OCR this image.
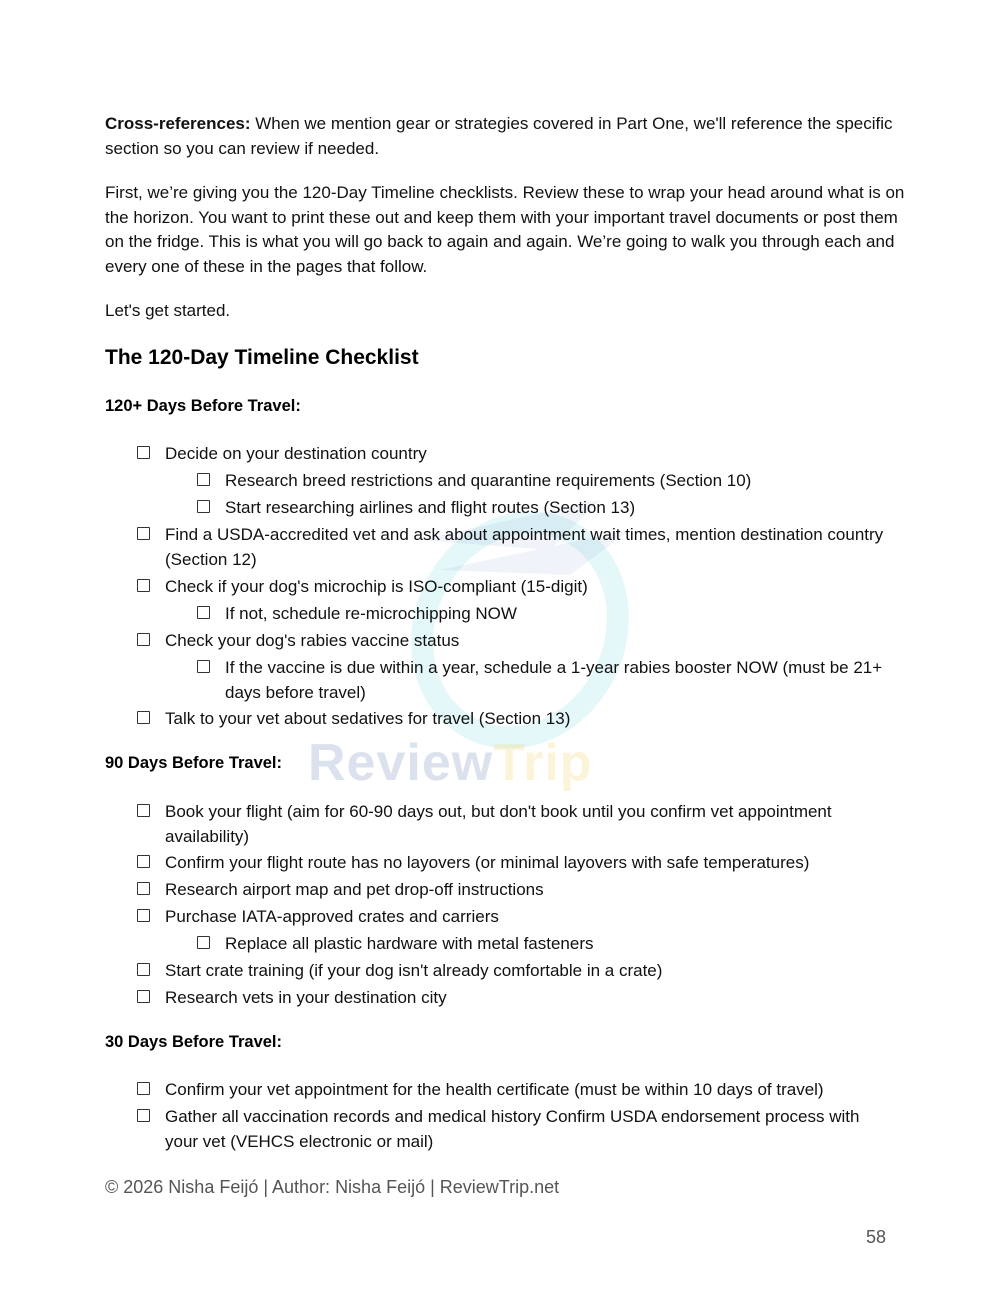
ReviewTrip
Cross-references: When we mention gear or strategies covered in Part One, we'll reference the specific section so you can review if needed.
First, we’re giving you the 120-Day Timeline checklists. Review these to wrap your head around what is on the horizon. You want to print these out and keep them with your important travel documents or post them on the fridge. This is what you will go back to again and again. We’re going to walk you through each and every one of these in the pages that follow.
Let's get started.
The 120-Day Timeline Checklist
120+ Days Before Travel:
Decide on your destination country
Research breed restrictions and quarantine requirements (Section 10)
Start researching airlines and flight routes (Section 13)
Find a USDA-accredited vet and ask about appointment wait times, mention destination country (Section 12)
Check if your dog's microchip is ISO-compliant (15-digit)
If not, schedule re-microchipping NOW
Check your dog's rabies vaccine status
If the vaccine is due within a year, schedule a 1-year rabies booster NOW (must be 21+ days before travel)
Talk to your vet about sedatives for travel (Section 13)
90 Days Before Travel:
Book your flight (aim for 60-90 days out, but don't book until you confirm vet appointment availability)
Confirm your flight route has no layovers (or minimal layovers with safe temperatures)
Research airport map and pet drop-off instructions
Purchase IATA-approved crates and carriers
Replace all plastic hardware with metal fasteners
Start crate training (if your dog isn't already comfortable in a crate)
Research vets in your destination city
30 Days Before Travel:
Confirm your vet appointment for the health certificate (must be within 10 days of travel)
Gather all vaccination records and medical history Confirm USDA endorsement process with your vet (VEHCS electronic or mail)
© 2026 Nisha Feijó | Author: Nisha Feijó | ReviewTrip.net
58
